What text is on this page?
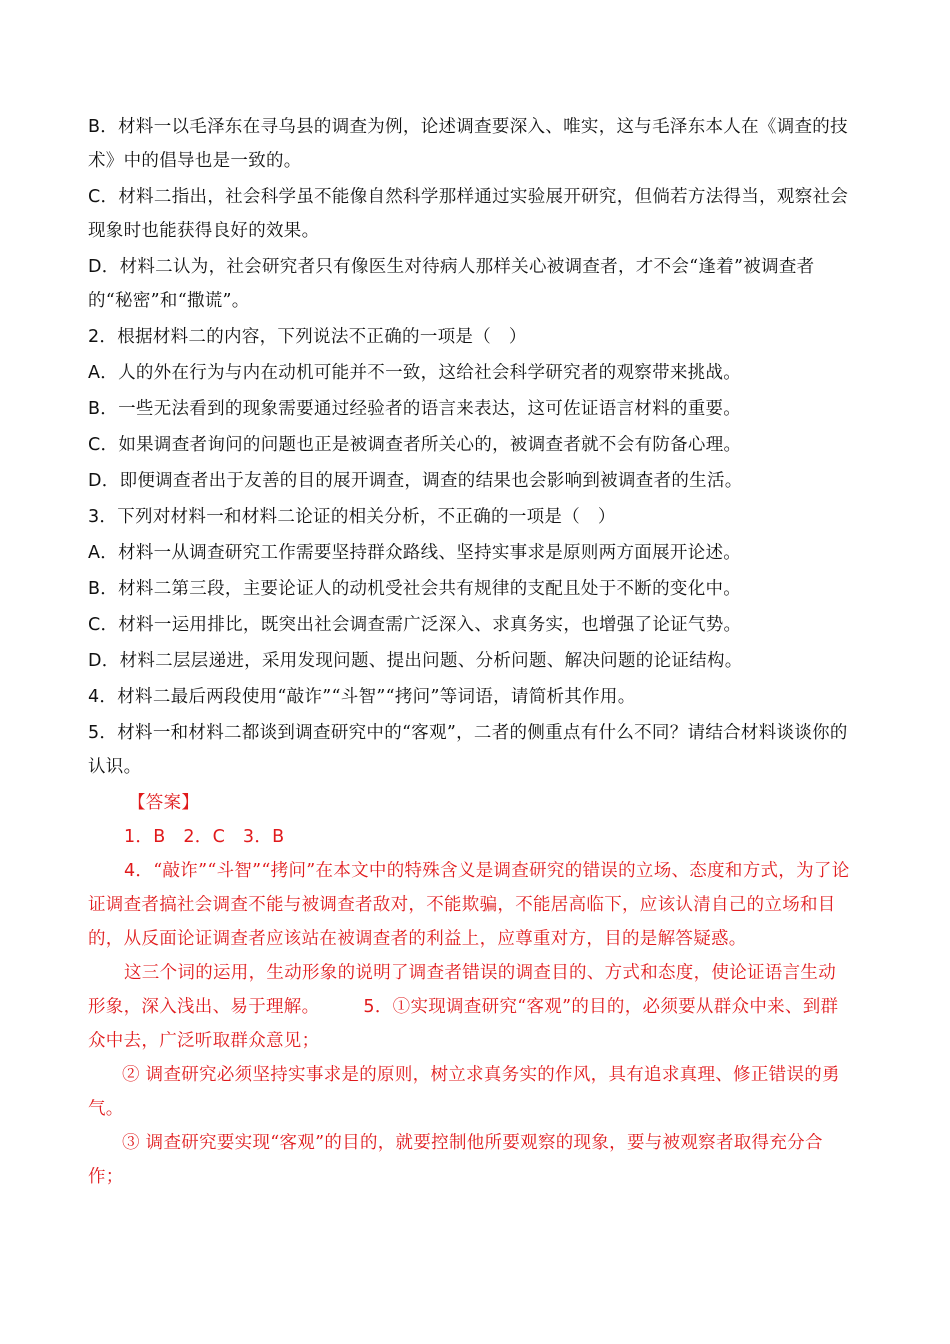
B．材料一以毛泽东在寻乌县的调查为例，论述调查要深入、唯实，这与毛泽东本人在《调查的技术》中的倡导也是一致的。

C．材料二指出，社会科学虽不能像自然科学那样通过实验展开研究，但倘若方法得当，观察社会现象时也能获得良好的效果。

D．材料二认为，社会研究者只有像医生对待病人那样关心被调查者，才不会“逢着”被调查者的“秘密”和“撒谎”。

2．根据材料二的内容，下列说法不正确的一项是（　）

A．人的外在行为与内在动机可能并不一致，这给社会科学研究者的观察带来挑战。

B．一些无法看到的现象需要通过经验者的语言来表达，这可佐证语言材料的重要。

C．如果调查者询问的问题也正是被调查者所关心的，被调查者就不会有防备心理。

D．即便调查者出于友善的目的展开调查，调查的结果也会影响到被调查者的生活。

3．下列对材料一和材料二论证的相关分析，不正确的一项是（　）

A．材料一从调查研究工作需要坚持群众路线、坚持实事求是原则两方面展开论述。

B．材料二第三段，主要论证人的动机受社会共有规律的支配且处于不断的变化中。

C．材料一运用排比，既突出社会调查需广泛深入、求真务实，也增强了论证气势。

D．材料二层层递进，采用发现问题、提出问题、分析问题、解决问题的论证结构。

4．材料二最后两段使用“敲诈”“斗智”“拷问”等词语，请简析其作用。

5．材料一和材料二都谈到调查研究中的“客观”，二者的侧重点有什么不同？请结合材料谈谈你的认识。

【答案】

1．B　2．C　3．B

4．“敲诈”“斗智”“拷问”在本文中的特殊含义是调查研究的错误的立场、态度和方式，为了论证调查者搞社会调查不能与被调查者敌对，不能欺骗，不能居高临下，应该认清自己的立场和目的，从反面论证调查者应该站在被调查者的利益上，应尊重对方，目的是解答疑惑。

这三个词的运用，生动形象的说明了调查者错误的调查目的、方式和态度，使论证语言生动形象，深入浅出、易于理解。	5．①实现调查研究“客观”的目的，必须要从群众中来、到群众中去，广泛听取群众意见；

② 调查研究必须坚持实事求是的原则，树立求真务实的作风，具有追求真理、修正错误的勇气。

③ 调查研究要实现“客观”的目的，就要控制他所要观察的现象，要与被观察者取得充分合作；
